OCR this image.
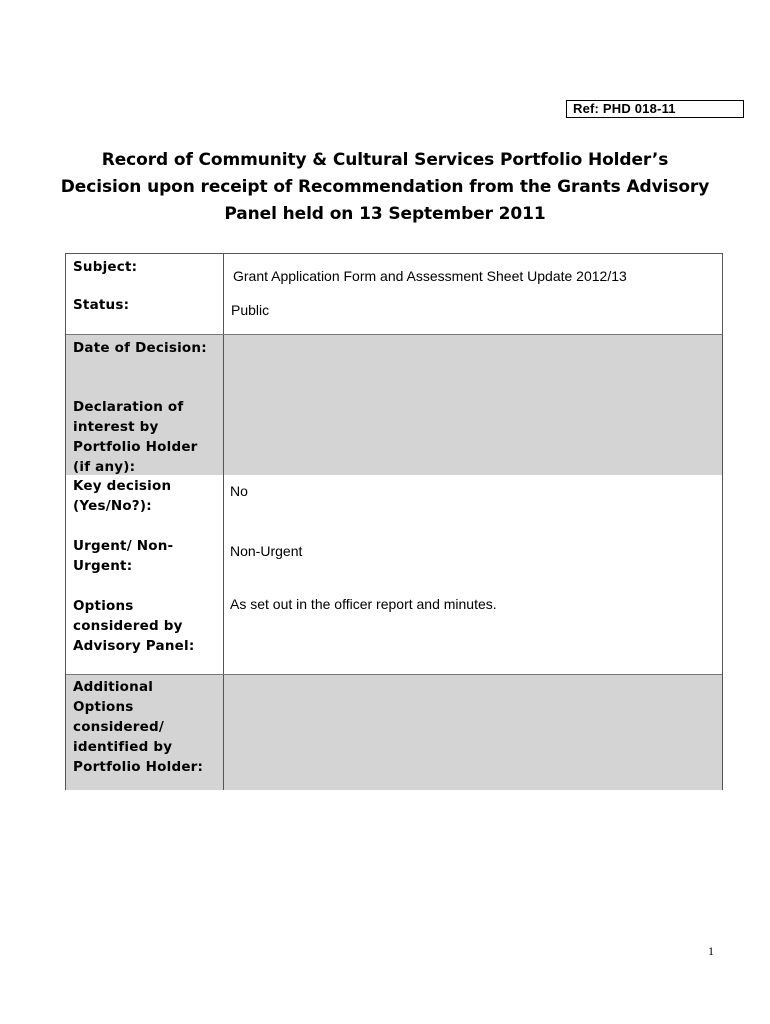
Ref: PHD 018-11
Record of Community & Cultural Services Portfolio Holder’s
Decision upon receipt of Recommendation from the Grants Advisory
Panel held on 13 September 2011
Subject:
Grant Application Form and Assessment Sheet Update 2012/13
Status:	Public
Date of Decision:
Declaration of
interest by
Portfolio Holder
(if any):
Key decision
(Yes/No?):
No
Urgent/ Non-
Urgent:
Non-Urgent
Options
considered by
Advisory Panel:
As set out in the officer report and minutes.
Additional
Options
considered/
identified by
Portfolio Holder:
1
